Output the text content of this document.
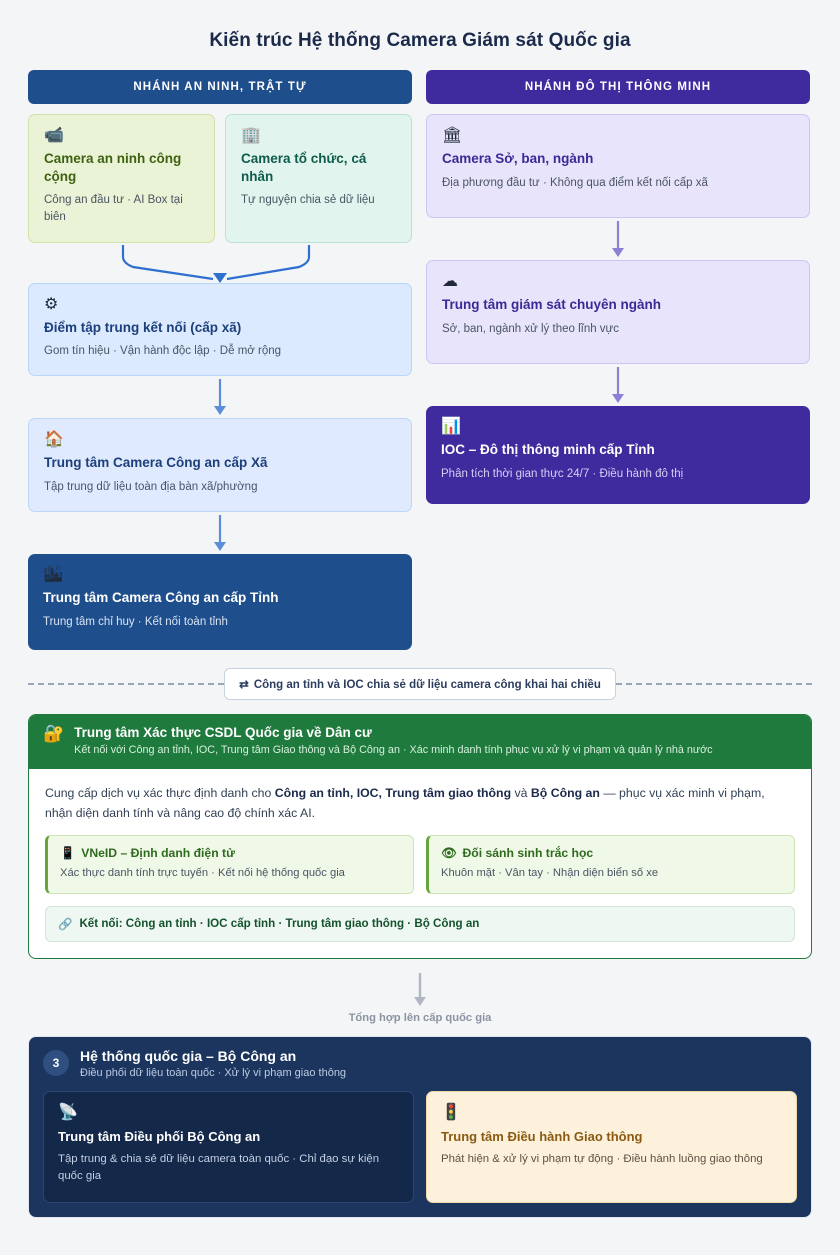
Kiến trúc Hệ thống Camera Giám sát Quốc gia
NHÁNH AN NINH, TRẬT TỰ
📹
Camera an ninh công cộng
Công an đầu tư · AI Box tại biên
🏢
Camera tổ chức, cá nhân
Tự nguyện chia sẻ dữ liệu
⚙
Điểm tập trung kết nối (cấp xã)
Gom tín hiệu · Vận hành độc lập · Dễ mở rộng
🏠
Trung tâm Camera Công an cấp Xã
Tập trung dữ liệu toàn địa bàn xã/phường
🏙
Trung tâm Camera Công an cấp Tỉnh
Trung tâm chỉ huy · Kết nối toàn tỉnh
NHÁNH ĐÔ THỊ THÔNG MINH
🏛
Camera Sở, ban, ngành
Địa phương đầu tư · Không qua điểm kết nối cấp xã
☁
Trung tâm giám sát chuyên ngành
Sở, ban, ngành xử lý theo lĩnh vực
📊
IOC – Đô thị thông minh cấp Tỉnh
Phân tích thời gian thực 24/7 · Điều hành đô thị
⇄ Công an tỉnh và IOC chia sẻ dữ liệu camera công khai hai chiều
🔐 Trung tâm Xác thực CSDL Quốc gia về Dân cư

Kết nối với Công an tỉnh, IOC, Trung tâm Giao thông và Bộ Công an · Xác minh danh tính phục vụ xử lý vi phạm và quản lý nhà nước

Cung cấp dịch vụ xác thực định danh cho Công an tỉnh, IOC, Trung tâm giao thông và Bộ Công an — phục vụ xác minh vi phạm, nhận diện danh tính và nâng cao độ chính xác AI.

📱 VNeID – Định danh điện tử
Xác thực danh tính trực tuyến · Kết nối hệ thống quốc gia
👁 Đối sánh sinh trắc học
Khuôn mặt · Vân tay · Nhận diện biển số xe
🔗 Kết nối: Công an tỉnh · IOC cấp tỉnh · Trung tâm giao thông · Bộ Công an
Tổng hợp lên cấp quốc gia
3	Hệ thống quốc gia – Bộ Công an

Điều phối dữ liệu toàn quốc · Xử lý vi phạm giao thông

📡
Trung tâm Điều phối Bộ Công an
Tập trung & chia sẻ dữ liệu camera toàn quốc · Chỉ đạo sự kiện quốc gia
🚦
Trung tâm Điều hành Giao thông
Phát hiện & xử lý vi phạm tự động · Điều hành luồng giao thông
